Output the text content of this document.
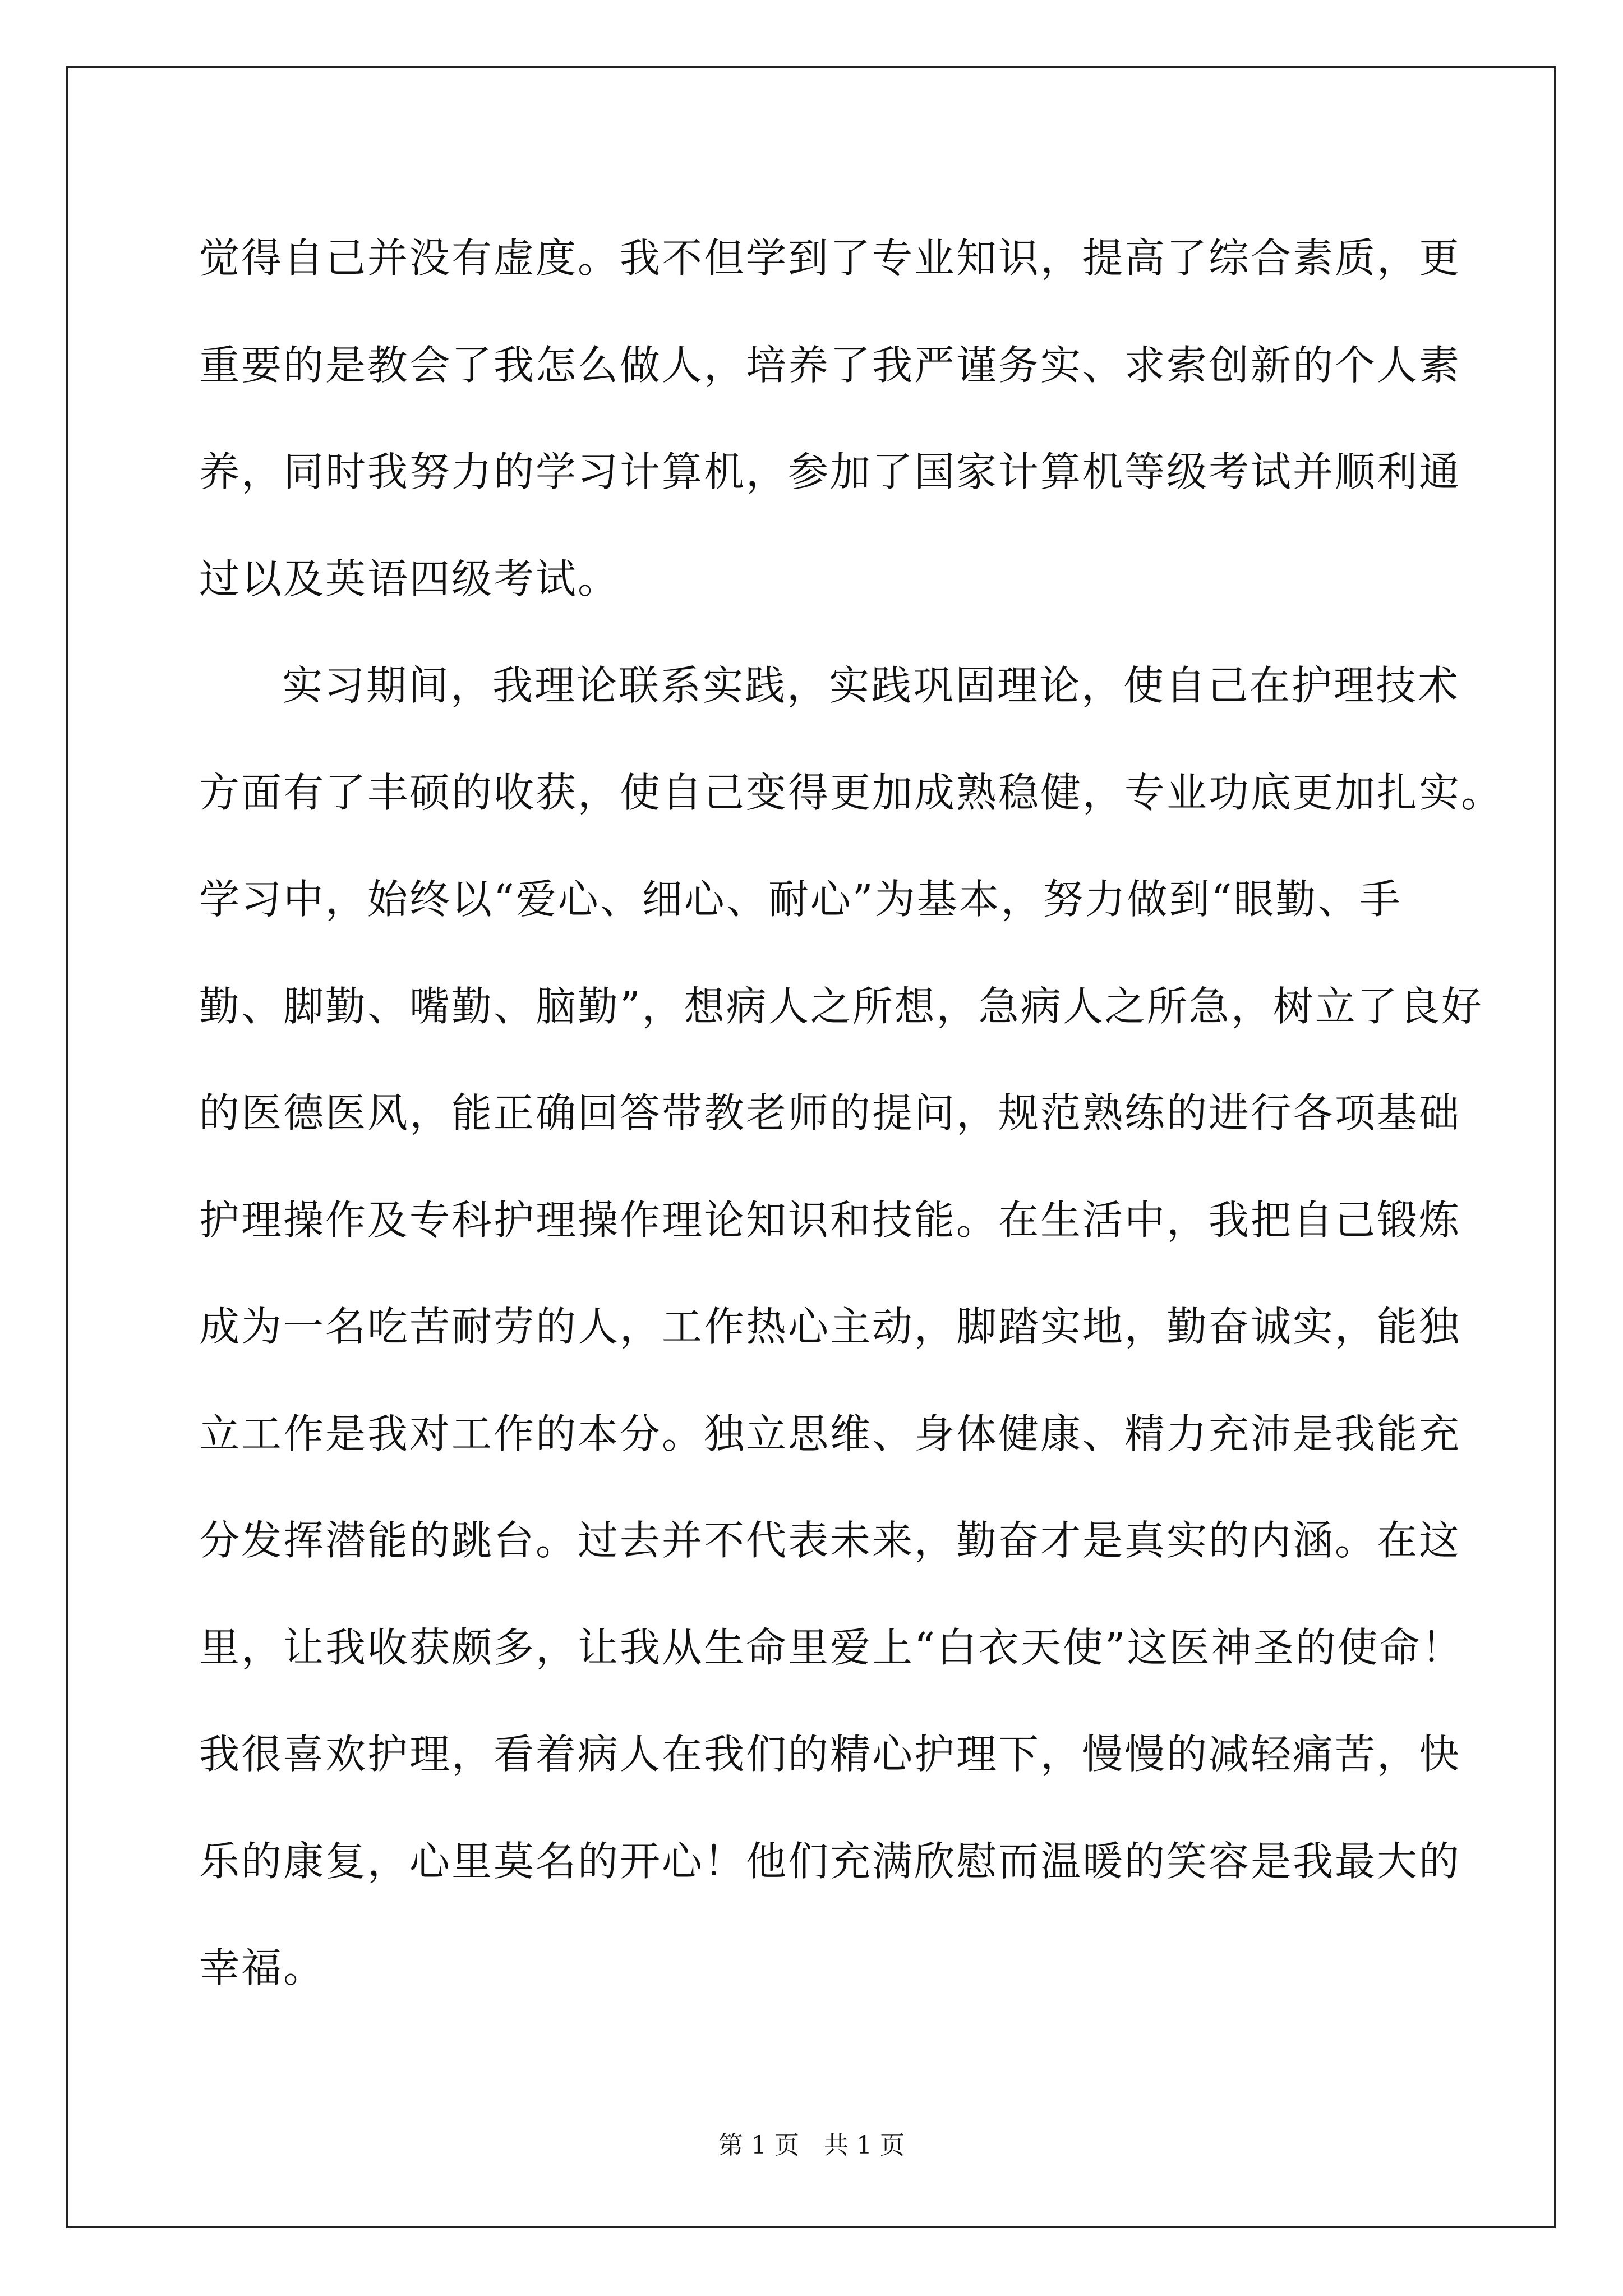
觉得自己并没有虚度。我不但学到了专业知识，提高了综合素质，更
重要的是教会了我怎么做人，培养了我严谨务实、求索创新的个人素
养，同时我努力的学习计算机，参加了国家计算机等级考试并顺利通
过以及英语四级考试。
实习期间，我理论联系实践，实践巩固理论，使自己在护理技术
方面有了丰硕的收获，使自己变得更加成熟稳健，专业功底更加扎实。
学习中，始终以“爱心、细心、耐心”为基本，努力做到“眼勤、手
勤、脚勤、嘴勤、脑勤”，想病人之所想，急病人之所急，树立了良好
的医德医风，能正确回答带教老师的提问，规范熟练的进行各项基础
护理操作及专科护理操作理论知识和技能。在生活中，我把自己锻炼
成为一名吃苦耐劳的人，工作热心主动，脚踏实地，勤奋诚实，能独
立工作是我对工作的本分。独立思维、身体健康、精力充沛是我能充
分发挥潜能的跳台。过去并不代表未来，勤奋才是真实的内涵。在这
里，让我收获颇多，让我从生命里爱上“白衣天使”这医神圣的使命！
我很喜欢护理，看着病人在我们的精心护理下，慢慢的减轻痛苦，快
乐的康复，心里莫名的开心！他们充满欣慰而温暖的笑容是我最大的
幸福。
第 1 页　共 1 页
